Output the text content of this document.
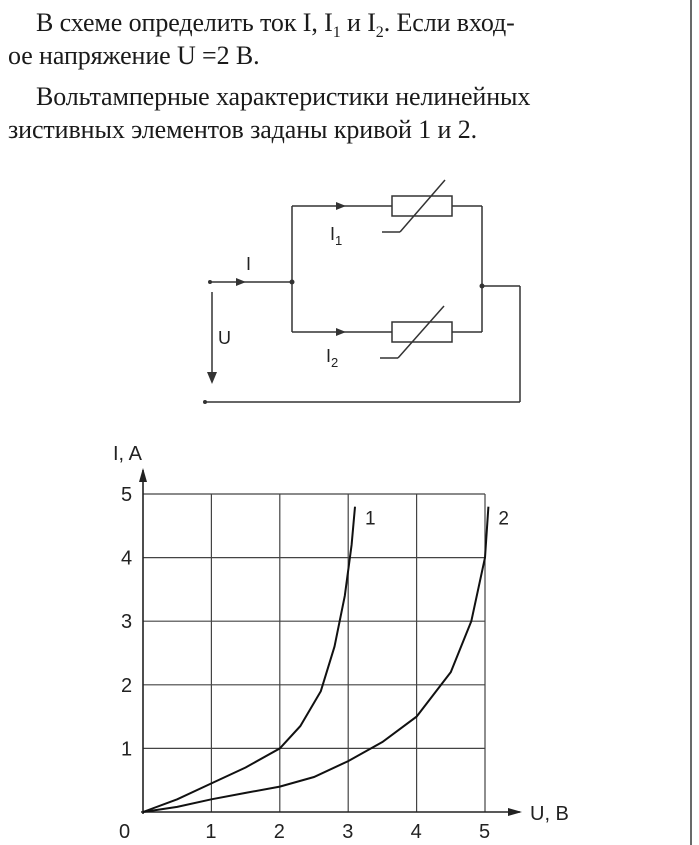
В схеме определить ток I, $I_1$ и $I_2$. Если вход-

ое напряжение U =2 В.

Вольтамперные характеристики нелинейных

зистивных элементов заданы кривой 1 и 2.

I
$I_1$
$I_2$
U
1	2
0	1	2	3	4	5
1
2
3
4
5
I, A
U, B
